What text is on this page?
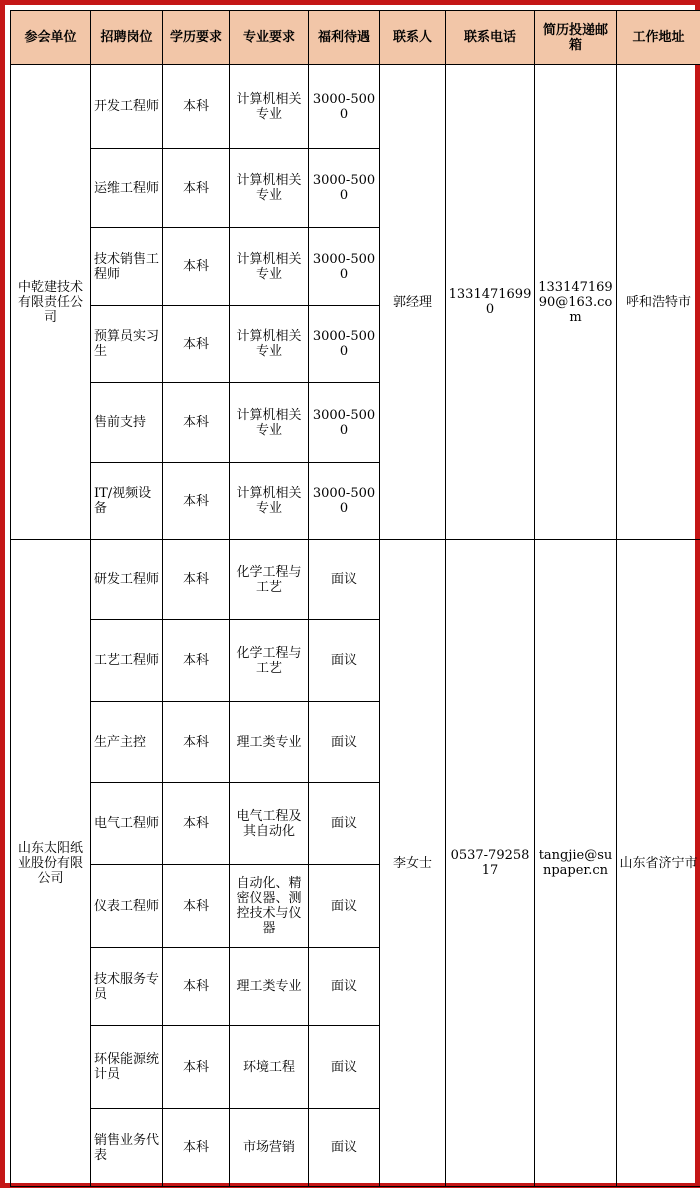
参会单位	招聘岗位	学历要求	专业要求	福利待遇	联系人	联系电话	简历投递邮箱	工作地址
中乾建技术有限责任公司	开发工程师	本科	计算机相关专业	3000-5000	郭经理	13314716990	13314716990@163.com	呼和浩特市
	运维工程师	本科	计算机相关专业	3000-5000				
	技术销售工程师	本科	计算机相关专业	3000-5000				
	预算员实习生	本科	计算机相关专业	3000-5000				
	售前支持	本科	计算机相关专业	3000-5000				
	IT/视频设备	本科	计算机相关专业	3000-5000				
山东太阳纸业股份有限公司	研发工程师	本科	化学工程与工艺	面议	李女士	0537-7925817	tangjie@sunpaper.cn	山东省济宁市
	工艺工程师	本科	化学工程与工艺	面议				
	生产主控	本科	理工类专业	面议				
	电气工程师	本科	电气工程及其自动化	面议				
	仪表工程师	本科	自动化、精密仪器、测控技术与仪器	面议				
	技术服务专员	本科	理工类专业	面议				
	环保能源统计员	本科	环境工程	面议				
	销售业务代表	本科	市场营销	面议				
